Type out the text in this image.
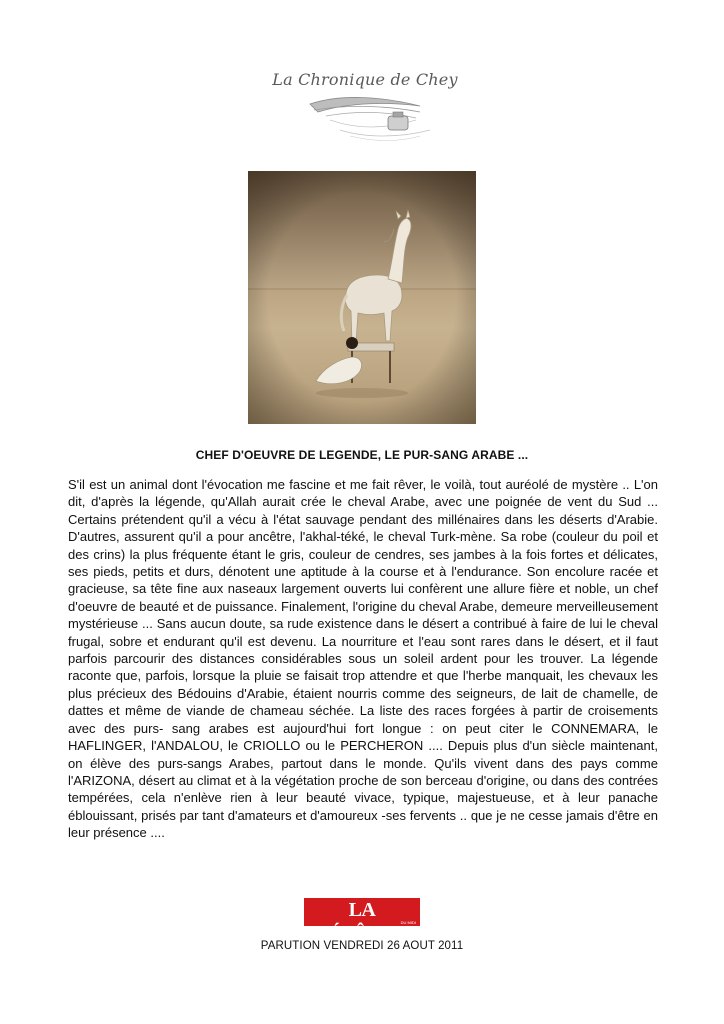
La Chronique de Chey
CHEF D'OEUVRE DE LEGENDE, LE PUR-SANG ARABE ...

S'il est un animal dont l'évocation me fascine et me fait rêver, le voilà, tout auréolé de mystère .. L'on dit, d'après la légende, qu'Allah aurait crée le cheval Arabe, avec une poignée de vent du Sud ... Certains prétendent qu'il a vécu à l'état sauvage pendant des millénaires dans les déserts d'Arabie. D'autres, assurent qu'il a pour ancêtre, l'akhal-téké, le cheval Turk-mène. Sa robe (couleur du poil et des crins) la plus fréquente étant le gris, couleur de cendres, ses jambes à la fois fortes et délicates, ses pieds, petits et durs, dénotent une aptitude à la course et à l'endurance. Son encolure racée et gracieuse, sa tête fine aux naseaux largement ouverts lui confèrent une allure fière et noble, un chef d'oeuvre de beauté et de puissance. Finalement, l'origine du cheval Arabe, demeure merveilleusement mystérieuse ... Sans aucun doute, sa rude existence dans le désert a contribué à faire de lui le cheval frugal, sobre et endurant qu'il est devenu. La nourriture et l'eau sont rares dans le désert, et il faut parfois parcourir des distances considérables sous un soleil ardent pour les trouver. La légende raconte que, parfois, lorsque la pluie se faisait trop attendre et que l'herbe manquait, les chevaux les plus précieux des Bédouins d'Arabie, étaient nourris comme des seigneurs, de lait de chamelle, de dattes et même de viande de chameau séchée. La liste des races forgées à partir de croisements avec des purs- sang arabes est aujourd'hui fort longue : on peut citer le CONNEMARA, le HAFLINGER, l'ANDALOU, le CRIOLLO ou le PERCHERON .... Depuis plus d'un siècle maintenant, on élève des purs-sangs Arabes, partout dans le monde. Qu'ils vivent dans des pays comme l'ARIZONA, désert au climat et à la végétation proche de son berceau d'origine, ou dans des contrées tempérées, cela n'enlève rien à leur beauté vivace, typique, majestueuse, et à leur panache éblouissant, prisés par tant d'amateurs et d'amoureux -ses fervents .. que je ne cesse jamais d'être en leur présence ....

LA DÉPÊCHE
DU MIDI
PARUTION VENDREDI 26 AOUT 2011
